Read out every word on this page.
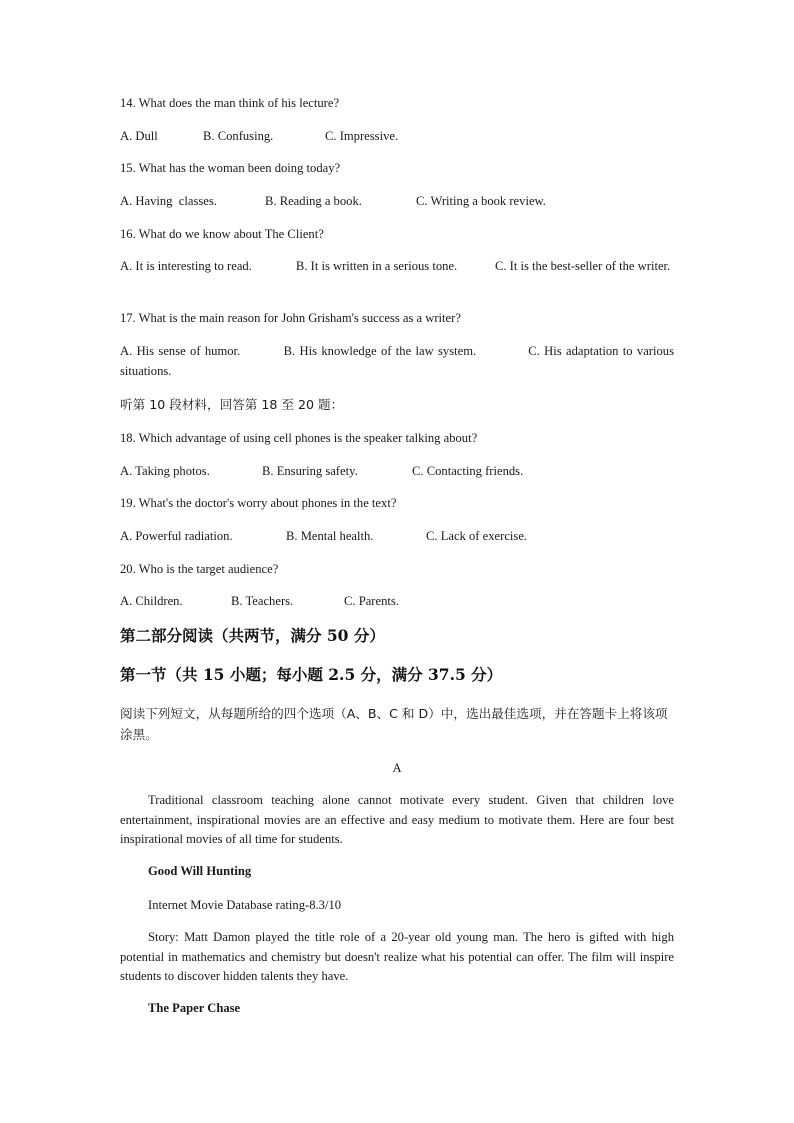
14. What does the man think of his lecture?

A. Dull	B. Confusing.	C. Impressive.

15. What has the woman been doing today?

A. Having  classes.	B. Reading a book.	C. Writing a book review.

16. What do we know about The Client?

A. It is interesting to read.              B. It is written in a serious tone.            C. It is the best-seller of the writer.

17. What is the main reason for John Grisham's success as a writer?

A. His sense of humor.          B. His knowledge of the law system.            C. His adaptation to various situations.

听第 10 段材料，回答第 18 至 20 题：

18. Which advantage of using cell phones is the speaker talking about?

A. Taking photos.	B. Ensuring safety.	C. Contacting friends.

19. What's the doctor's worry about phones in the text?

A. Powerful radiation.	B. Mental health.	C. Lack of exercise.

20. Who is the target audience?

A. Children.	B. Teachers.	C. Parents.

第二部分阅读（共两节，满分 50 分）

第一节（共 15 小题；每小题 2.5 分，满分 37.5 分）

阅读下列短文，从每题所给的四个选项（A、B、C 和 D）中，选出最佳选项，并在答题卡上将该项涂黑。

A

Traditional classroom teaching alone cannot motivate every student. Given that children love entertainment, inspirational movies are an effective and easy medium to motivate them. Here are four best inspirational movies of all time for students.

Good Will Hunting

Internet Movie Database rating-8.3/10

Story: Matt Damon played the title role of a 20-year old young man. The hero is gifted with high potential in mathematics and chemistry but doesn't realize what his potential can offer. The film will inspire students to discover hidden talents they have.

The Paper Chase
